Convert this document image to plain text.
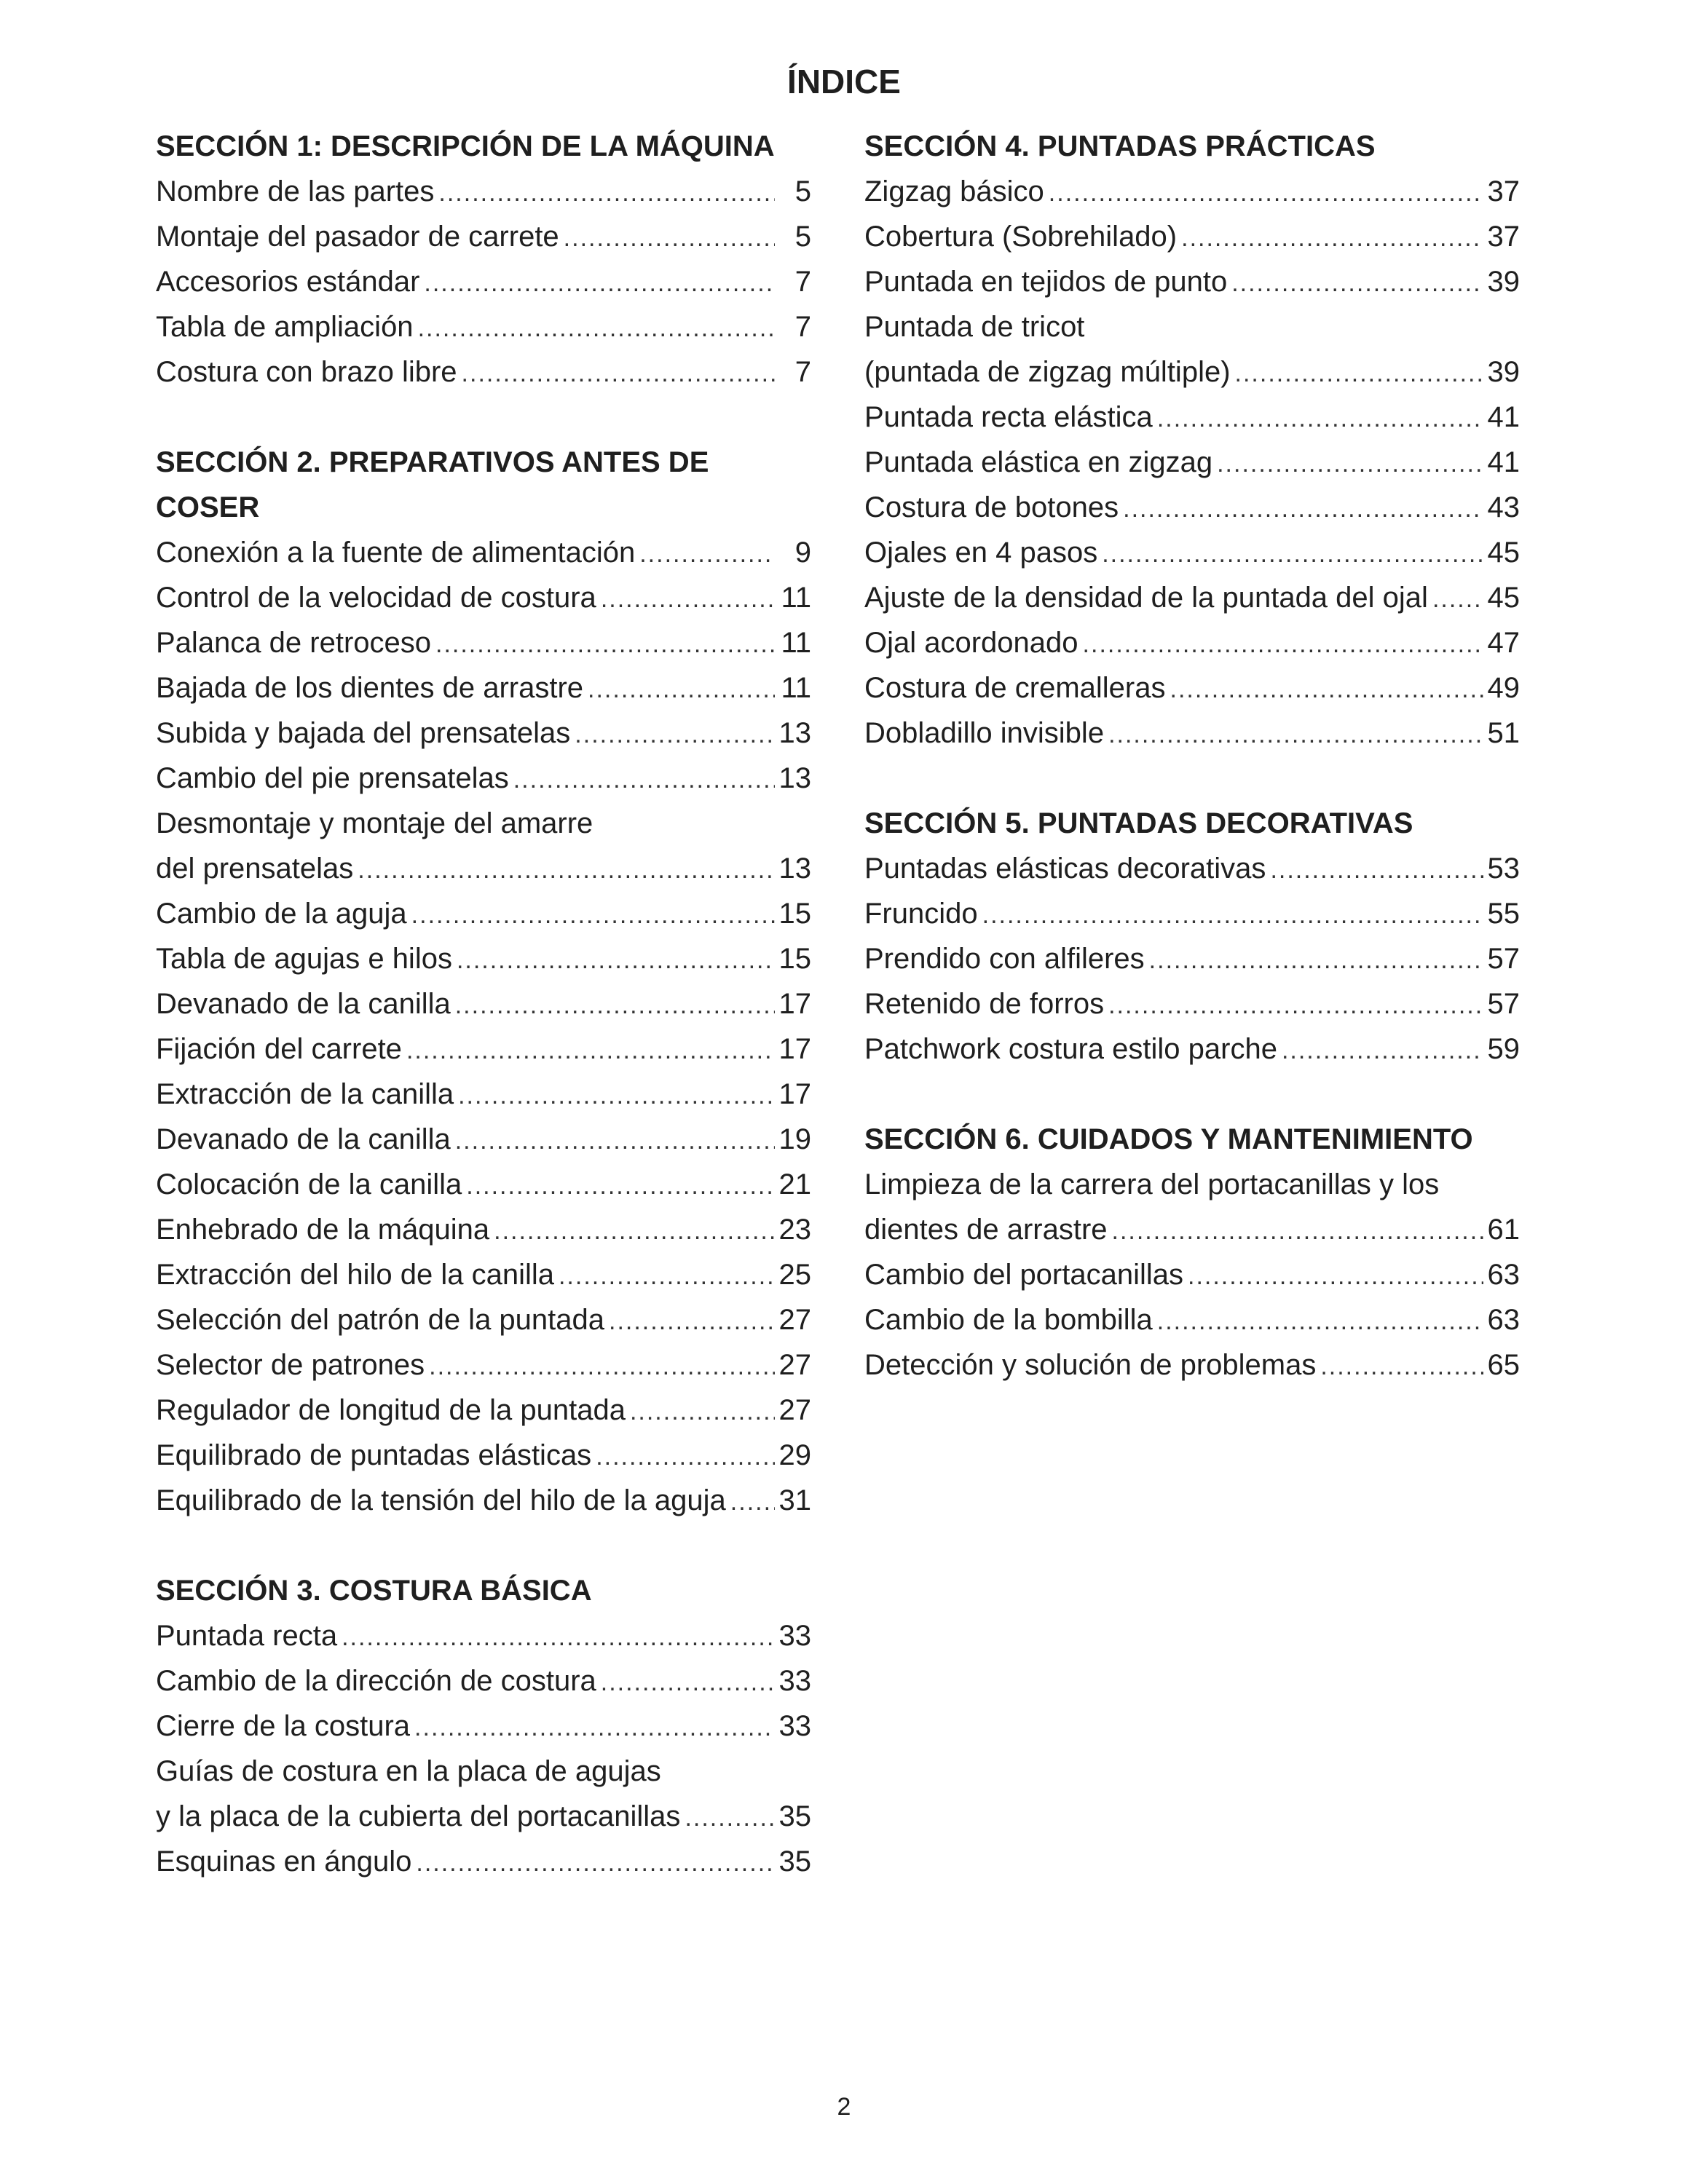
ÍNDICE
SECCIÓN 1: DESCRIPCIÓN DE LA MÁQUINA
Nombre de las partes .....	5
Montaje del pasador de carrete .....	5
Accesorios estándar .....	7
Tabla de ampliación .....	7
Costura con brazo libre .....	7
SECCIÓN 2. PREPARATIVOS ANTES DE COSER
Conexión a la fuente de alimentación .....	9
Control de la velocidad de costura .....	11
Palanca de retroceso .....	11
Bajada de los dientes de arrastre .....	11
Subida y bajada del prensatelas .....	13
Cambio del pie prensatelas .....	13
Desmontaje y montaje del amarre
del prensatelas .....	13
Cambio de la aguja .....	15
Tabla de agujas e hilos .....	15
Devanado de la canilla .....	17
Fijación del carrete .....	17
Extracción de la canilla .....	17
Devanado de la canilla .....	19
Colocación de la canilla .....	21
Enhebrado de la máquina .....	23
Extracción del hilo de la canilla .....	25
Selección del patrón de la puntada .....	27
Selector de patrones .....	27
Regulador de longitud de la puntada .....	27
Equilibrado de puntadas elásticas .....	29
Equilibrado de la tensión del hilo de la aguja ..... 31
SECCIÓN 3. COSTURA BÁSICA
Puntada recta .....	33
Cambio de la dirección de costura .....	33
Cierre de la costura .....	33
Guías de costura en la placa de agujas
y la placa de la cubierta del portacanillas .....	35
Esquinas en ángulo .....	35
SECCIÓN 4. PUNTADAS PRÁCTICAS
Zigzag básico .....	37
Cobertura (Sobrehilado) .....	37
Puntada en tejidos de punto .....	39
Puntada de tricot
(puntada de zigzag múltiple) .....	39
Puntada recta elástica .....	41
Puntada elástica en zigzag .....	41
Costura de botones .....	43
Ojales en 4 pasos .....	45
Ajuste de la densidad de la puntada del ojal ..... 45
Ojal acordonado .....	47
Costura de cremalleras .....	49
Dobladillo invisible .....	51
SECCIÓN 5. PUNTADAS DECORATIVAS
Puntadas elásticas decorativas .....	53
Fruncido .....	55
Prendido con alfileres .....	57
Retenido de forros .....	57
Patchwork costura estilo parche .....	59
SECCIÓN 6. CUIDADOS Y MANTENIMIENTO
Limpieza de la carrera del portacanillas y los
dientes de arrastre .....	61
Cambio del portacanillas .....	63
Cambio de la bombilla .....	63
Detección y solución de problemas .....	65
2
